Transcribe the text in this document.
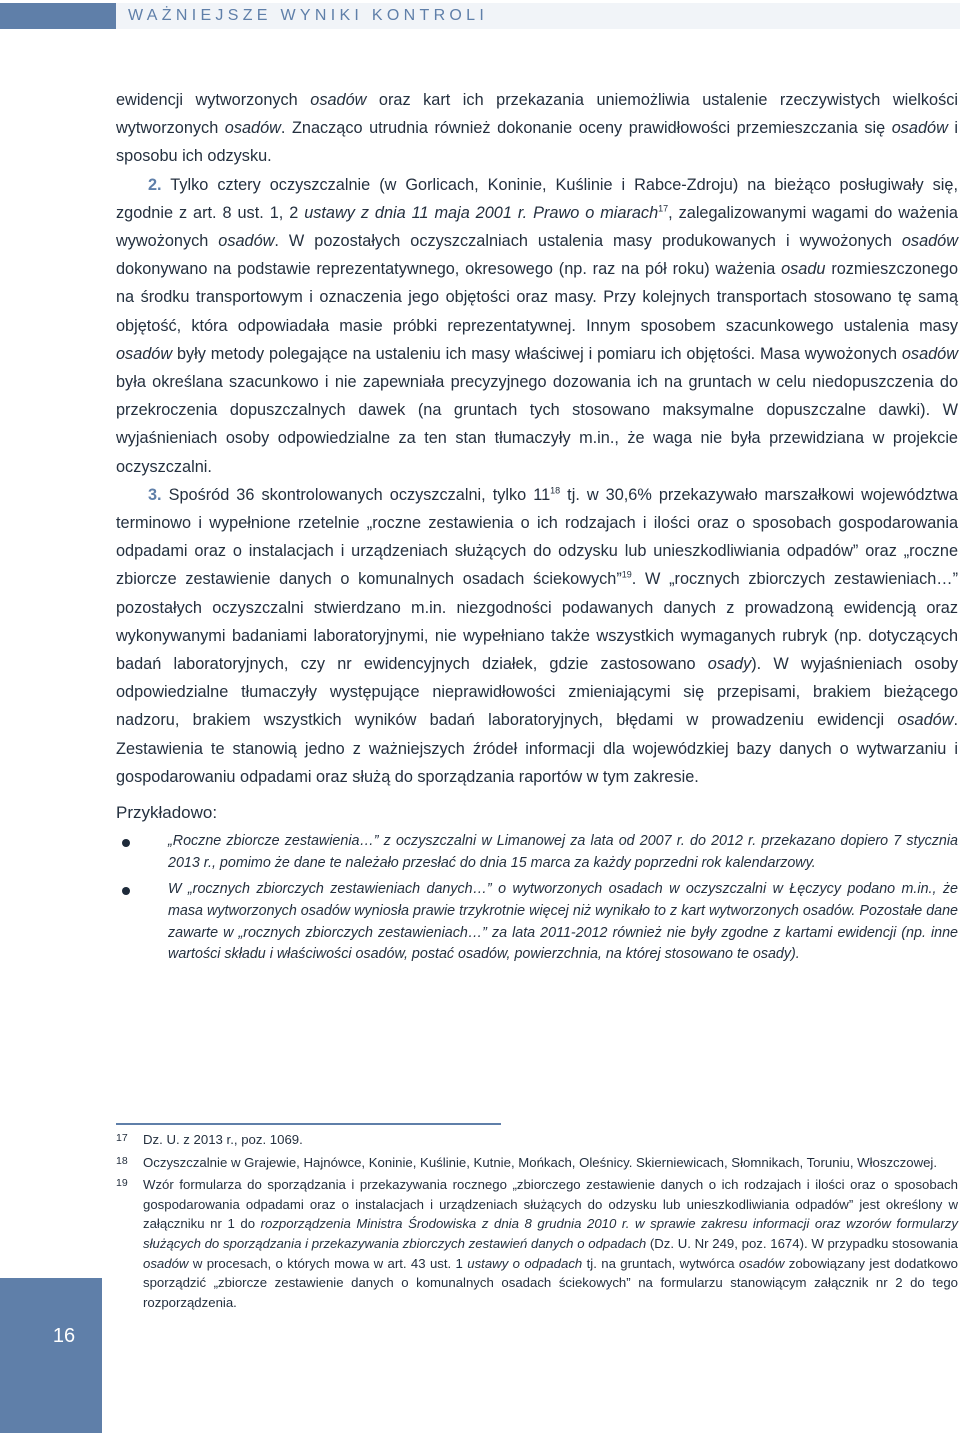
WAŻNIEJSZE WYNIKI KONTROLI

ewidencji wytworzonych osadów oraz kart ich przekazania uniemożliwia ustalenie rzeczywistych wielkości wytworzonych osadów. Znacząco utrudnia również dokonanie oceny prawidłowości przemieszczania się osadów i sposobu ich odzysku.

2. Tylko cztery oczyszczalnie (w Gorlicach, Koninie, Kuślinie i Rabce-Zdroju) na bieżąco posługiwały się, zgodnie z art. 8 ust. 1, 2 ustawy z dnia 11 maja 2001 r. Prawo o miarach$^{17}$, zalegalizowanymi wagami do ważenia wywożonych osadów. W pozostałych oczyszczalniach ustalenia masy produkowanych i wywożonych osadów dokonywano na podstawie reprezentatywnego, okresowego (np. raz na pół roku) ważenia osadu rozmieszczonego na środku transportowym i oznaczenia jego objętości oraz masy. Przy kolejnych transportach stosowano tę samą objętość, która odpowiadała masie próbki reprezentatywnej. Innym sposobem szacunkowego ustalenia masy osadów były metody polegające na ustaleniu ich masy właściwej i pomiaru ich objętości. Masa wywożonych osadów była określana szacunkowo i nie zapewniała precyzyjnego dozowania ich na gruntach w celu niedopuszczenia do przekroczenia dopuszczalnych dawek (na gruntach tych stosowano maksymalne dopuszczalne dawki). W wyjaśnieniach osoby odpowiedzialne za ten stan tłumaczyły m.in., że waga nie była przewidziana w projekcie oczyszczalni.

3. Spośród 36 skontrolowanych oczyszczalni, tylko $11^{18}$ tj. w 30,6% przekazywało marszałkowi województwa terminowo i wypełnione rzetelnie „roczne zestawienia o ich rodzajach i ilości oraz o sposobach gospodarowania odpadami oraz o instalacjach i urządzeniach służących do odzysku lub unieszkodliwiania odpadów” oraz „roczne zbiorcze zestawienie danych o komunalnych osadach ściekowych”$^{19}$. W „rocznych zbiorczych zestawieniach…” pozostałych oczyszczalni stwierdzano m.in. niezgodności podawanych danych z prowadzoną ewidencją oraz wykonywanymi badaniami laboratoryjnymi, nie wypełniano także wszystkich wymaganych rubryk (np. dotyczących badań laboratoryjnych, czy nr ewidencyjnych działek, gdzie zastosowano osady). W wyjaśnieniach osoby odpowiedzialne tłumaczyły występujące nieprawidłowości zmieniającymi się przepisami, brakiem bieżącego nadzoru, brakiem wszystkich wyników badań laboratoryjnych, błędami w prowadzeniu ewidencji osadów. Zestawienia te stanowią jedno z ważniejszych źródeł informacji dla wojewódzkiej bazy danych o wytwarzaniu i gospodarowaniu odpadami oraz służą do sporządzania raportów w tym zakresie.

Przykładowo:

„Roczne zbiorcze zestawienia…” z oczyszczalni w Limanowej za lata od 2007 r. do 2012 r. przekazano dopiero 7 stycznia 2013 r., pomimo że dane te należało przesłać do dnia 15 marca za każdy poprzedni rok kalendarzowy.
W „rocznych zbiorczych zestawieniach danych…” o wytworzonych osadach w oczyszczalni w Łęczycy podano m.in., że masa wytworzonych osadów wyniosła prawie trzykrotnie więcej niż wynikało to z kart wytworzonych osadów. Pozostałe dane zawarte w „rocznych zbiorczych zestawieniach…” za lata 2011-2012 również nie były zgodne z kartami ewidencji (np. inne wartości składu i właściwości osadów, postać osadów, powierzchnia, na której stosowano te osady).
17 Dz. U. z 2013 r., poz. 1069.
18 Oczyszczalnie w Grajewie, Hajnówce, Koninie, Kuślinie, Kutnie, Mońkach, Oleśnicy. Skierniewicach, Słomnikach, Toruniu, Włoszczowej.
19 Wzór formularza do sporządzania i przekazywania rocznego „zbiorczego zestawienie danych o ich rodzajach i ilości oraz o sposobach gospodarowania odpadami oraz o instalacjach i urządzeniach służących do odzysku lub unieszkodliwiania odpadów” jest określony w załączniku nr 1 do rozporządzenia Ministra Środowiska z dnia 8 grudnia 2010 r. w sprawie zakresu informacji oraz wzorów formularzy służących do sporządzania i przekazywania zbiorczych zestawień danych o odpadach (Dz. U. Nr 249, poz. 1674). W przypadku stosowania osadów w procesach, o których mowa w art. 43 ust. 1 ustawy o odpadach tj. na gruntach, wytwórca osadów zobowiązany jest dodatkowo sporządzić „zbiorcze zestawienie danych o komunalnych osadach ściekowych” na formularzu stanowiącym załącznik nr 2 do tego rozporządzenia.
16
